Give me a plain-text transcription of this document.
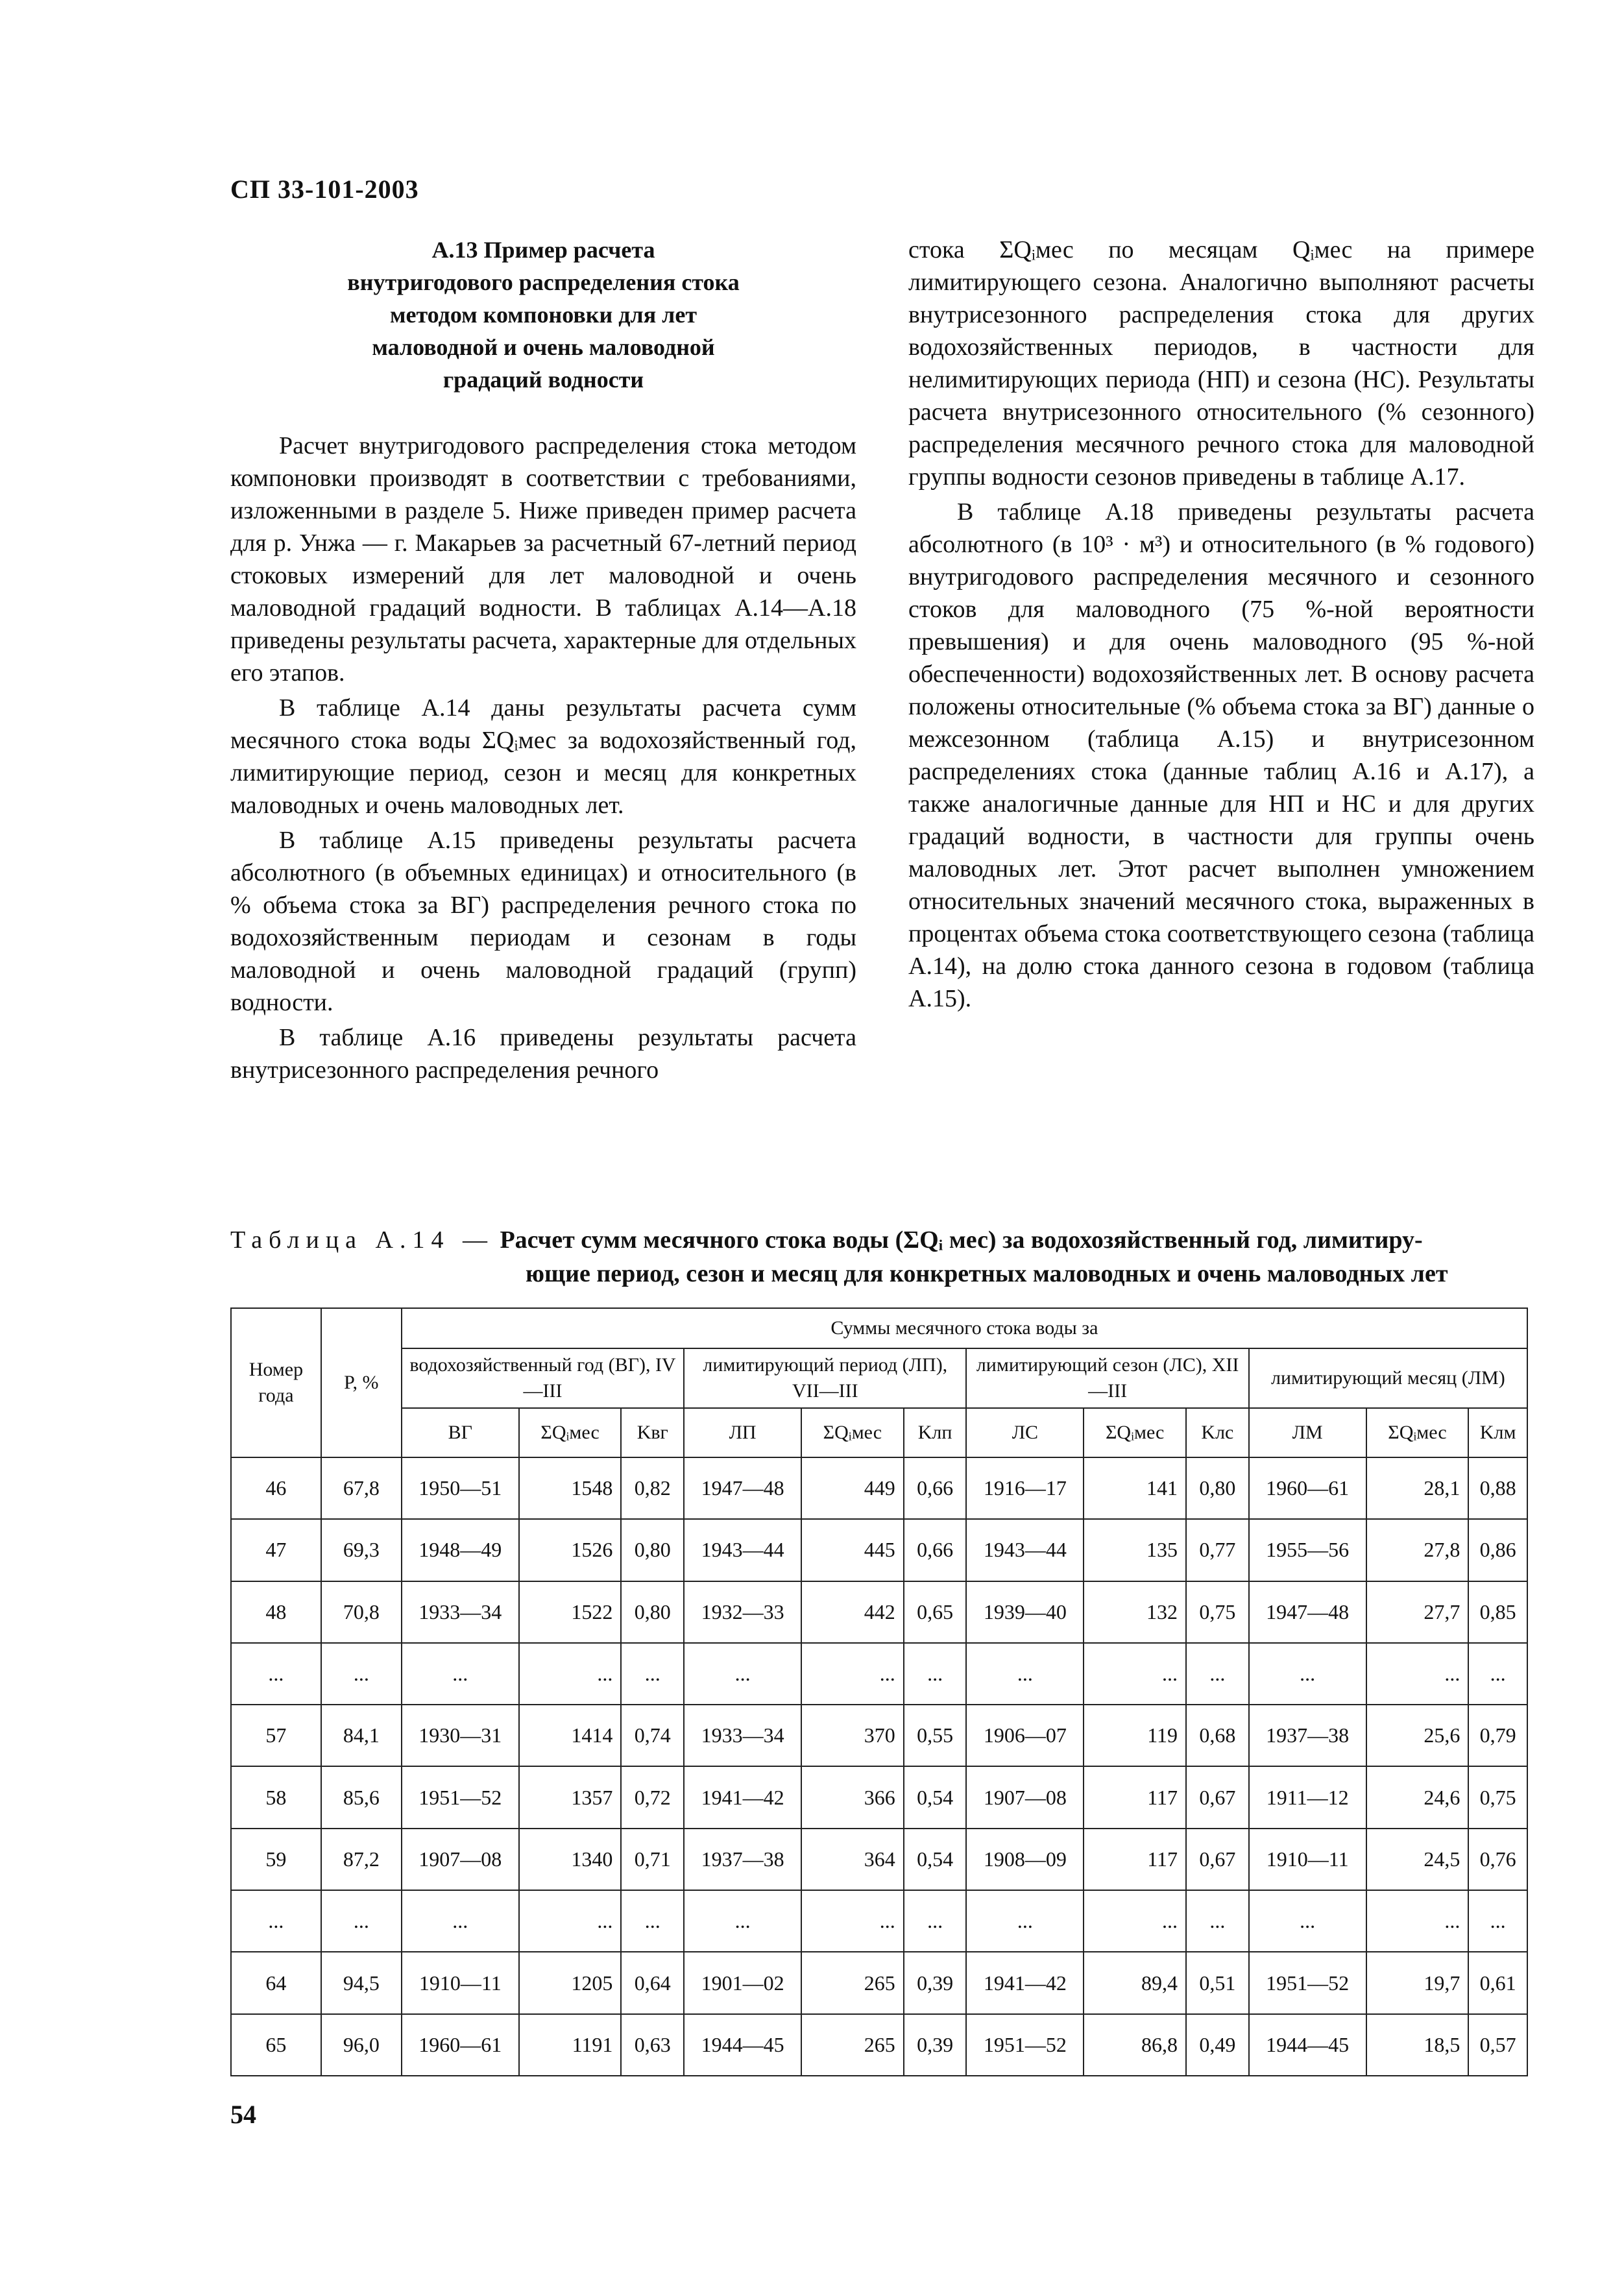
СП 33-101-2003
А.13 Пример расчета
внутригодового распределения стока
методом компоновки для лет
маловодной и очень маловодной
градаций водности

Расчет внутригодового распределения стока методом компоновки производят в соответствии с требованиями, изложенными в разделе 5. Ниже приведен пример расчета для р. Унжа — г. Макарьев за расчетный 67-летний период стоковых измерений для лет маловодной и очень маловодной градаций водности. В таблицах А.14—А.18 приведены результаты расчета, характерные для отдельных его этапов.

В таблице А.14 даны результаты расчета сумм месячного стока воды ΣQᵢмес за водохозяйственный год, лимитирующие период, сезон и месяц для конкретных маловодных и очень маловодных лет.

В таблице А.15 приведены результаты расчета абсолютного (в объемных единицах) и относительного (в % объема стока за ВГ) распределения речного стока по водохозяйственным периодам и сезонам в годы маловодной и очень маловодной градаций (групп) водности.

В таблице А.16 приведены результаты расчета внутрисезонного распределения речного

стока ΣQᵢмес по месяцам Qᵢмес на примере лимитирующего сезона. Аналогично выполняют расчеты внутрисезонного распределения стока для других водохозяйственных периодов, в частности для нелимитирующих периода (НП) и сезона (НС). Результаты расчета внутрисезонного относительного (% сезонного) распределения месячного речного стока для маловодной группы водности сезонов приведены в таблице А.17.

В таблице А.18 приведены результаты расчета абсолютного (в 10³ · м³) и относительного (в % годового) внутригодового распределения месячного и сезонного стоков для маловодного (75 %-ной вероятности превышения) и для очень маловодного (95 %-ной обеспеченности) водохозяйственных лет. В основу расчета положены относительные (% объема стока за ВГ) данные о межсезонном (таблица А.15) и внутрисезонном распределениях стока (данные таблиц А.16 и А.17), а также аналогичные данные для НП и НС и для других градаций водности, в частности для группы очень маловодных лет. Этот расчет выполнен умножением относительных значений месячного стока, выраженных в процентах объема стока соответствующего сезона (таблица А.14), на долю стока данного сезона в годовом (таблица А.15).

Таблица А.14 — Расчет сумм месячного стока воды (ΣQᵢ мес) за водохозяйственный год, лимитиру-
ющие период, сезон и месяц для конкретных маловодных и очень маловодных лет
Номер года	P, %	Суммы месячного стока воды за											
		водохозяйственный год (ВГ), IV—III			лимитирующий период (ЛП), VII—III			лимитирующий сезон (ЛС), XII—III			лимитирующий месяц (ЛМ)		
		ВГ	ΣQᵢмес	Kвг	ЛП	ΣQᵢмес	Kлп	ЛС	ΣQᵢмес	Kлс	ЛМ	ΣQᵢмес	Kлм
46	67,8	1950—51	1548	0,82	1947—48	449	0,66	1916—17	141	0,80	1960—61	28,1	0,88
47	69,3	1948—49	1526	0,80	1943—44	445	0,66	1943—44	135	0,77	1955—56	27,8	0,86
48	70,8	1933—34	1522	0,80	1932—33	442	0,65	1939—40	132	0,75	1947—48	27,7	0,85
...	...	...	...	...	...	...	...	...	...	...	...	...	...
57	84,1	1930—31	1414	0,74	1933—34	370	0,55	1906—07	119	0,68	1937—38	25,6	0,79
58	85,6	1951—52	1357	0,72	1941—42	366	0,54	1907—08	117	0,67	1911—12	24,6	0,75
59	87,2	1907—08	1340	0,71	1937—38	364	0,54	1908—09	117	0,67	1910—11	24,5	0,76
...	...	...	...	...	...	...	...	...	...	...	...	...	...
64	94,5	1910—11	1205	0,64	1901—02	265	0,39	1941—42	89,4	0,51	1951—52	19,7	0,61
65	96,0	1960—61	1191	0,63	1944—45	265	0,39	1951—52	86,8	0,49	1944—45	18,5	0,57
54
